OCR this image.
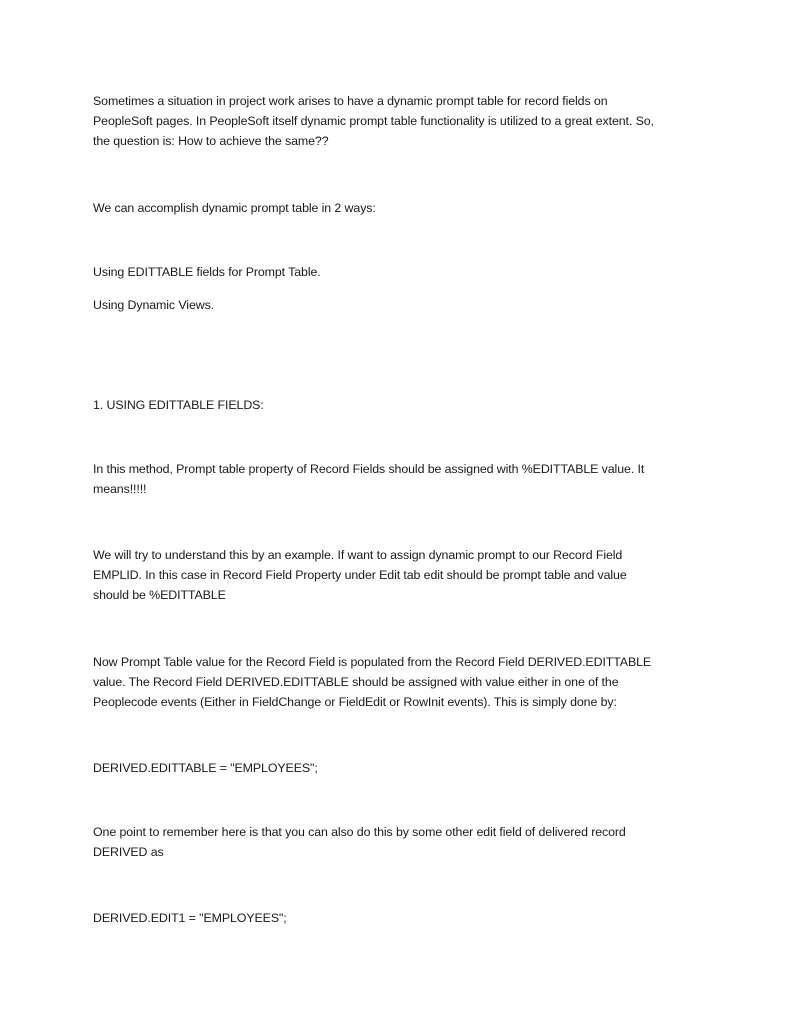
Sometimes a situation in project work arises to have a dynamic prompt table for record fields on
PeopleSoft pages. In PeopleSoft itself dynamic prompt table functionality is utilized to a great extent. So,
the question is: How to achieve the same??

We can accomplish dynamic prompt table in 2 ways:

Using EDITTABLE fields for Prompt Table.

Using Dynamic Views.

1. USING EDITTABLE FIELDS:

In this method, Prompt table property of Record Fields should be assigned with %EDITTABLE value. It
means!!!!!

We will try to understand this by an example. If want to assign dynamic prompt to our Record Field
EMPLID. In this case in Record Field Property under Edit tab edit should be prompt table and value
should be %EDITTABLE

Now Prompt Table value for the Record Field is populated from the Record Field DERIVED.EDITTABLE
value. The Record Field DERIVED.EDITTABLE should be assigned with value either in one of the
Peoplecode events (Either in FieldChange or FieldEdit or RowInit events). This is simply done by:

DERIVED.EDITTABLE = "EMPLOYEES";

One point to remember here is that you can also do this by some other edit field of delivered record
DERIVED as

DERIVED.EDIT1 = "EMPLOYEES";
